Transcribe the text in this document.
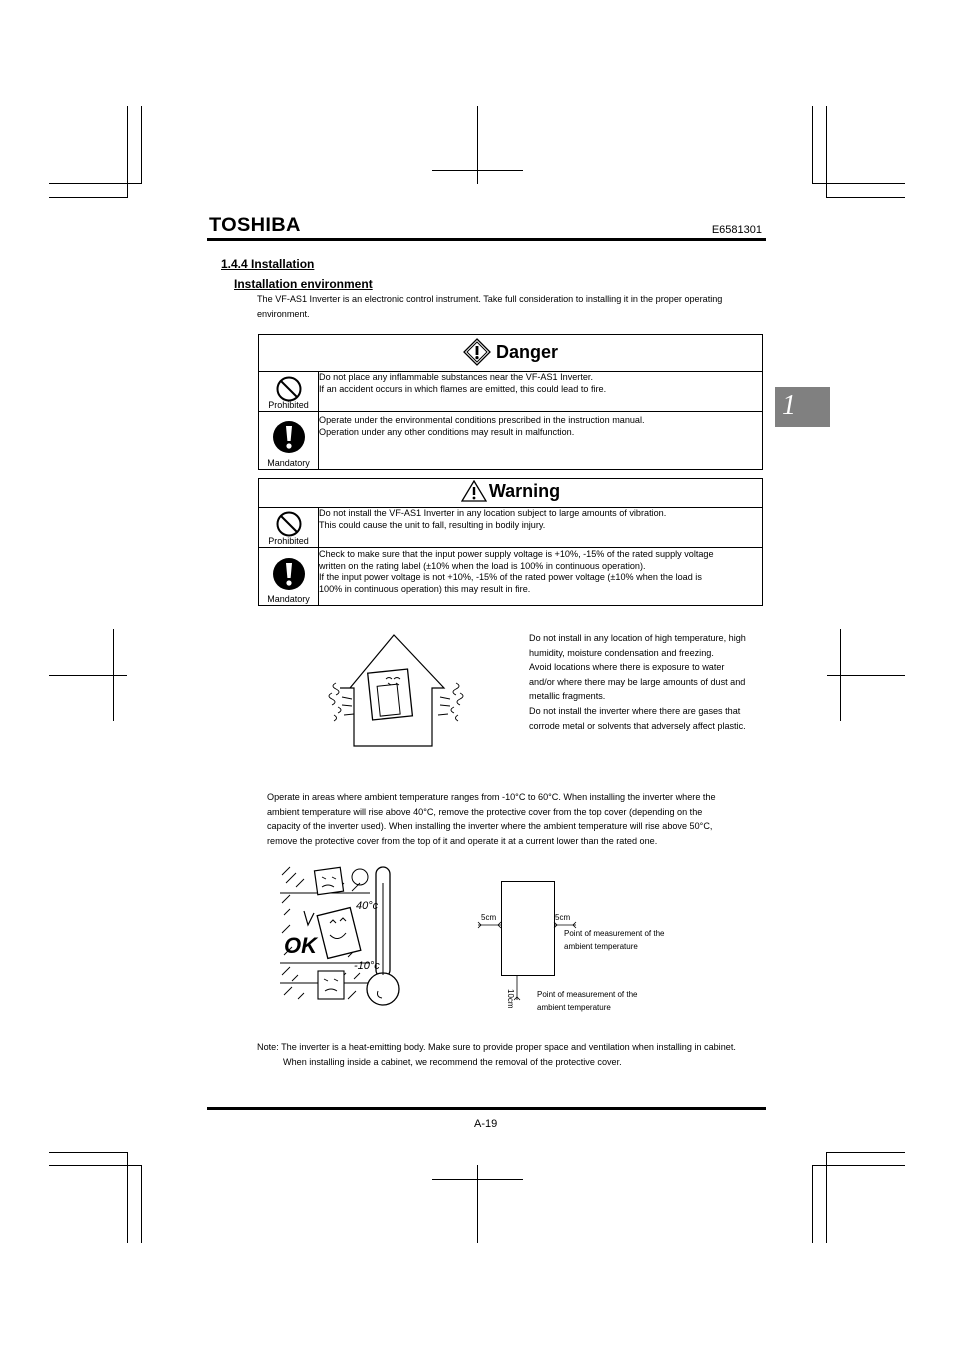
TOSHIBA	E6581301
1
1.4.4 Installation
Installation environment
The VF-AS1 Inverter is an electronic control instrument. Take full consideration to installing it in the proper operating
environment.
Danger	

Prohibited	Do not place any inflammable substances near the VF-AS1 Inverter.
If an accident occurs in which flames are emitted, this could lead to fire.

Mandatory	Operate under the environmental conditions prescribed in the instruction manual.
Operation under any other conditions may result in malfunction.
Warning	

Prohibited	Do not install the VF-AS1 Inverter in any location subject to large amounts of vibration.
This could cause the unit to fall, resulting in bodily injury.

Mandatory	Check to make sure that the input power supply voltage is +10%, -15% of the rated supply voltage
written on the rating label (±10% when the load is 100% in continuous operation).
If the input power voltage is not +10%, -15% of the rated power voltage (±10% when the load is
100% in continuous operation) this may result in fire.
Do not install in any location of high temperature, high
humidity, moisture condensation and freezing.
Avoid locations where there is exposure to water
and/or where there may be large amounts of dust and
metallic fragments.
Do not install the inverter where there are gases that
corrode metal or solvents that adversely affect plastic.
Operate in areas where ambient temperature ranges from -10°C to 60°C. When installing the inverter where the
ambient temperature will rise above 40°C, remove the protective cover from the top cover (depending on the
capacity of the inverter used). When installing the inverter where the ambient temperature will rise above 50°C,
remove the protective cover from the top of it and operate it at a current lower than the rated one.
OK
40°c
-10°c
5cm	5cm
10cm
Point of measurement of the
ambient temperature
Point of measurement of the
ambient temperature
Note: The inverter is a heat-emitting body. Make sure to provide proper space and ventilation when installing in cabinet.
When installing inside a cabinet, we recommend the removal of the protective cover.
A-19
